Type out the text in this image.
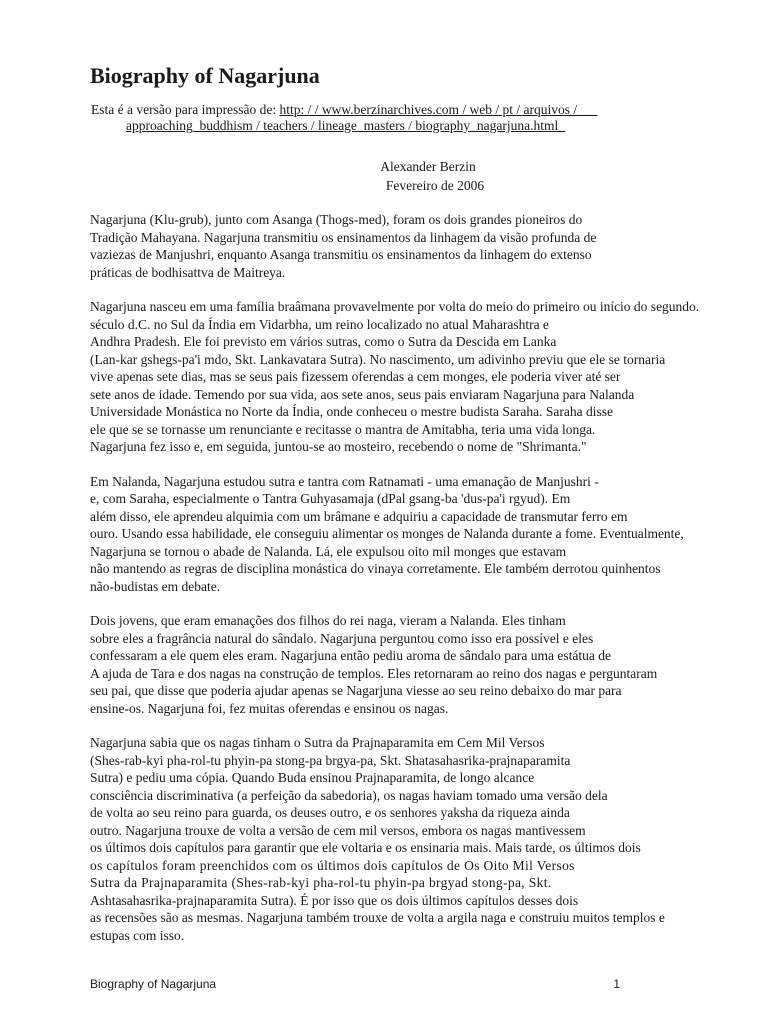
Biography of Nagarjuna
Esta é a versão para impressão de: http: / / www.berzinarchives.com / web / pt / arquivos /___
approaching_buddhism / teachers / lineage_masters / biography_nagarjuna.html_
Alexander Berzin
Fevereiro de 2006

Nagarjuna (Klu-grub), junto com Asanga (Thogs-med), foram os dois grandes pioneiros do
Tradição Mahayana. Nagarjuna transmitiu os ensinamentos da linhagem da visão profunda de
vaziezas de Manjushri, enquanto Asanga transmitiu os ensinamentos da linhagem do extenso
práticas de bodhisattva de Maitreya.

Nagarjuna nasceu em uma família braâmana provavelmente por volta do meio do primeiro ou início do segundo.
século d.C. no Sul da Índia em Vidarbha, um reino localizado no atual Maharashtra e
Andhra Pradesh. Ele foi previsto em vários sutras, como o Sutra da Descida em Lanka
(Lan-kar gshegs-pa'i mdo, Skt. Lankavatara Sutra). No nascimento, um adivinho previu que ele se tornaria
vive apenas sete dias, mas se seus pais fizessem oferendas a cem monges, ele poderia viver até ser
sete anos de idade. Temendo por sua vida, aos sete anos, seus pais enviaram Nagarjuna para Nalanda
Universidade Monástica no Norte da Índia, onde conheceu o mestre budista Saraha. Saraha disse
ele que se se tornasse um renunciante e recitasse o mantra de Amitabha, teria uma vida longa.
Nagarjuna fez isso e, em seguida, juntou-se ao mosteiro, recebendo o nome de "Shrimanta."

Em Nalanda, Nagarjuna estudou sutra e tantra com Ratnamati - uma emanação de Manjushri -
e, com Saraha, especialmente o Tantra Guhyasamaja (dPal gsang-ba 'dus-pa'i rgyud). Em
além disso, ele aprendeu alquimia com um brâmane e adquiriu a capacidade de transmutar ferro em
ouro. Usando essa habilidade, ele conseguiu alimentar os monges de Nalanda durante a fome. Eventualmente,
Nagarjuna se tornou o abade de Nalanda. Lá, ele expulsou oito mil monges que estavam
não mantendo as regras de disciplina monástica do vinaya corretamente. Ele também derrotou quinhentos
não-budistas em debate.

Dois jovens, que eram emanações dos filhos do rei naga, vieram a Nalanda. Eles tinham
sobre eles a fragrância natural do sândalo. Nagarjuna perguntou como isso era possível e eles
confessaram a ele quem eles eram. Nagarjuna então pediu aroma de sândalo para uma estátua de
A ajuda de Tara e dos nagas na construção de templos. Eles retornaram ao reino dos nagas e perguntaram
seu pai, que disse que poderia ajudar apenas se Nagarjuna viesse ao seu reino debaixo do mar para
ensine-os. Nagarjuna foi, fez muitas oferendas e ensinou os nagas.

Nagarjuna sabia que os nagas tinham o Sutra da Prajnaparamita em Cem Mil Versos
(Shes-rab-kyi pha-rol-tu phyin-pa stong-pa brgya-pa, Skt. Shatasahasrika-prajnaparamita
Sutra) e pediu uma cópia. Quando Buda ensinou Prajnaparamita, de longo alcance
consciência discriminativa (a perfeição da sabedoria), os nagas haviam tomado uma versão dela
de volta ao seu reino para guarda, os deuses outro, e os senhores yaksha da riqueza ainda
outro. Nagarjuna trouxe de volta a versão de cem mil versos, embora os nagas mantivessem
os últimos dois capítulos para garantir que ele voltaria e os ensinaria mais. Mais tarde, os últimos dois
os capítulos foram preenchidos com os últimos dois capítulos de Os Oito Mil Versos
Sutra da Prajnaparamita (Shes-rab-kyi pha-rol-tu phyin-pa brgyad stong-pa, Skt.
Ashtasahasrika-prajnaparamita Sutra). É por isso que os dois últimos capítulos desses dois
as recensões são as mesmas. Nagarjuna também trouxe de volta a argila naga e construiu muitos templos e
estupas com isso.

Biography of Nagarjuna	1
